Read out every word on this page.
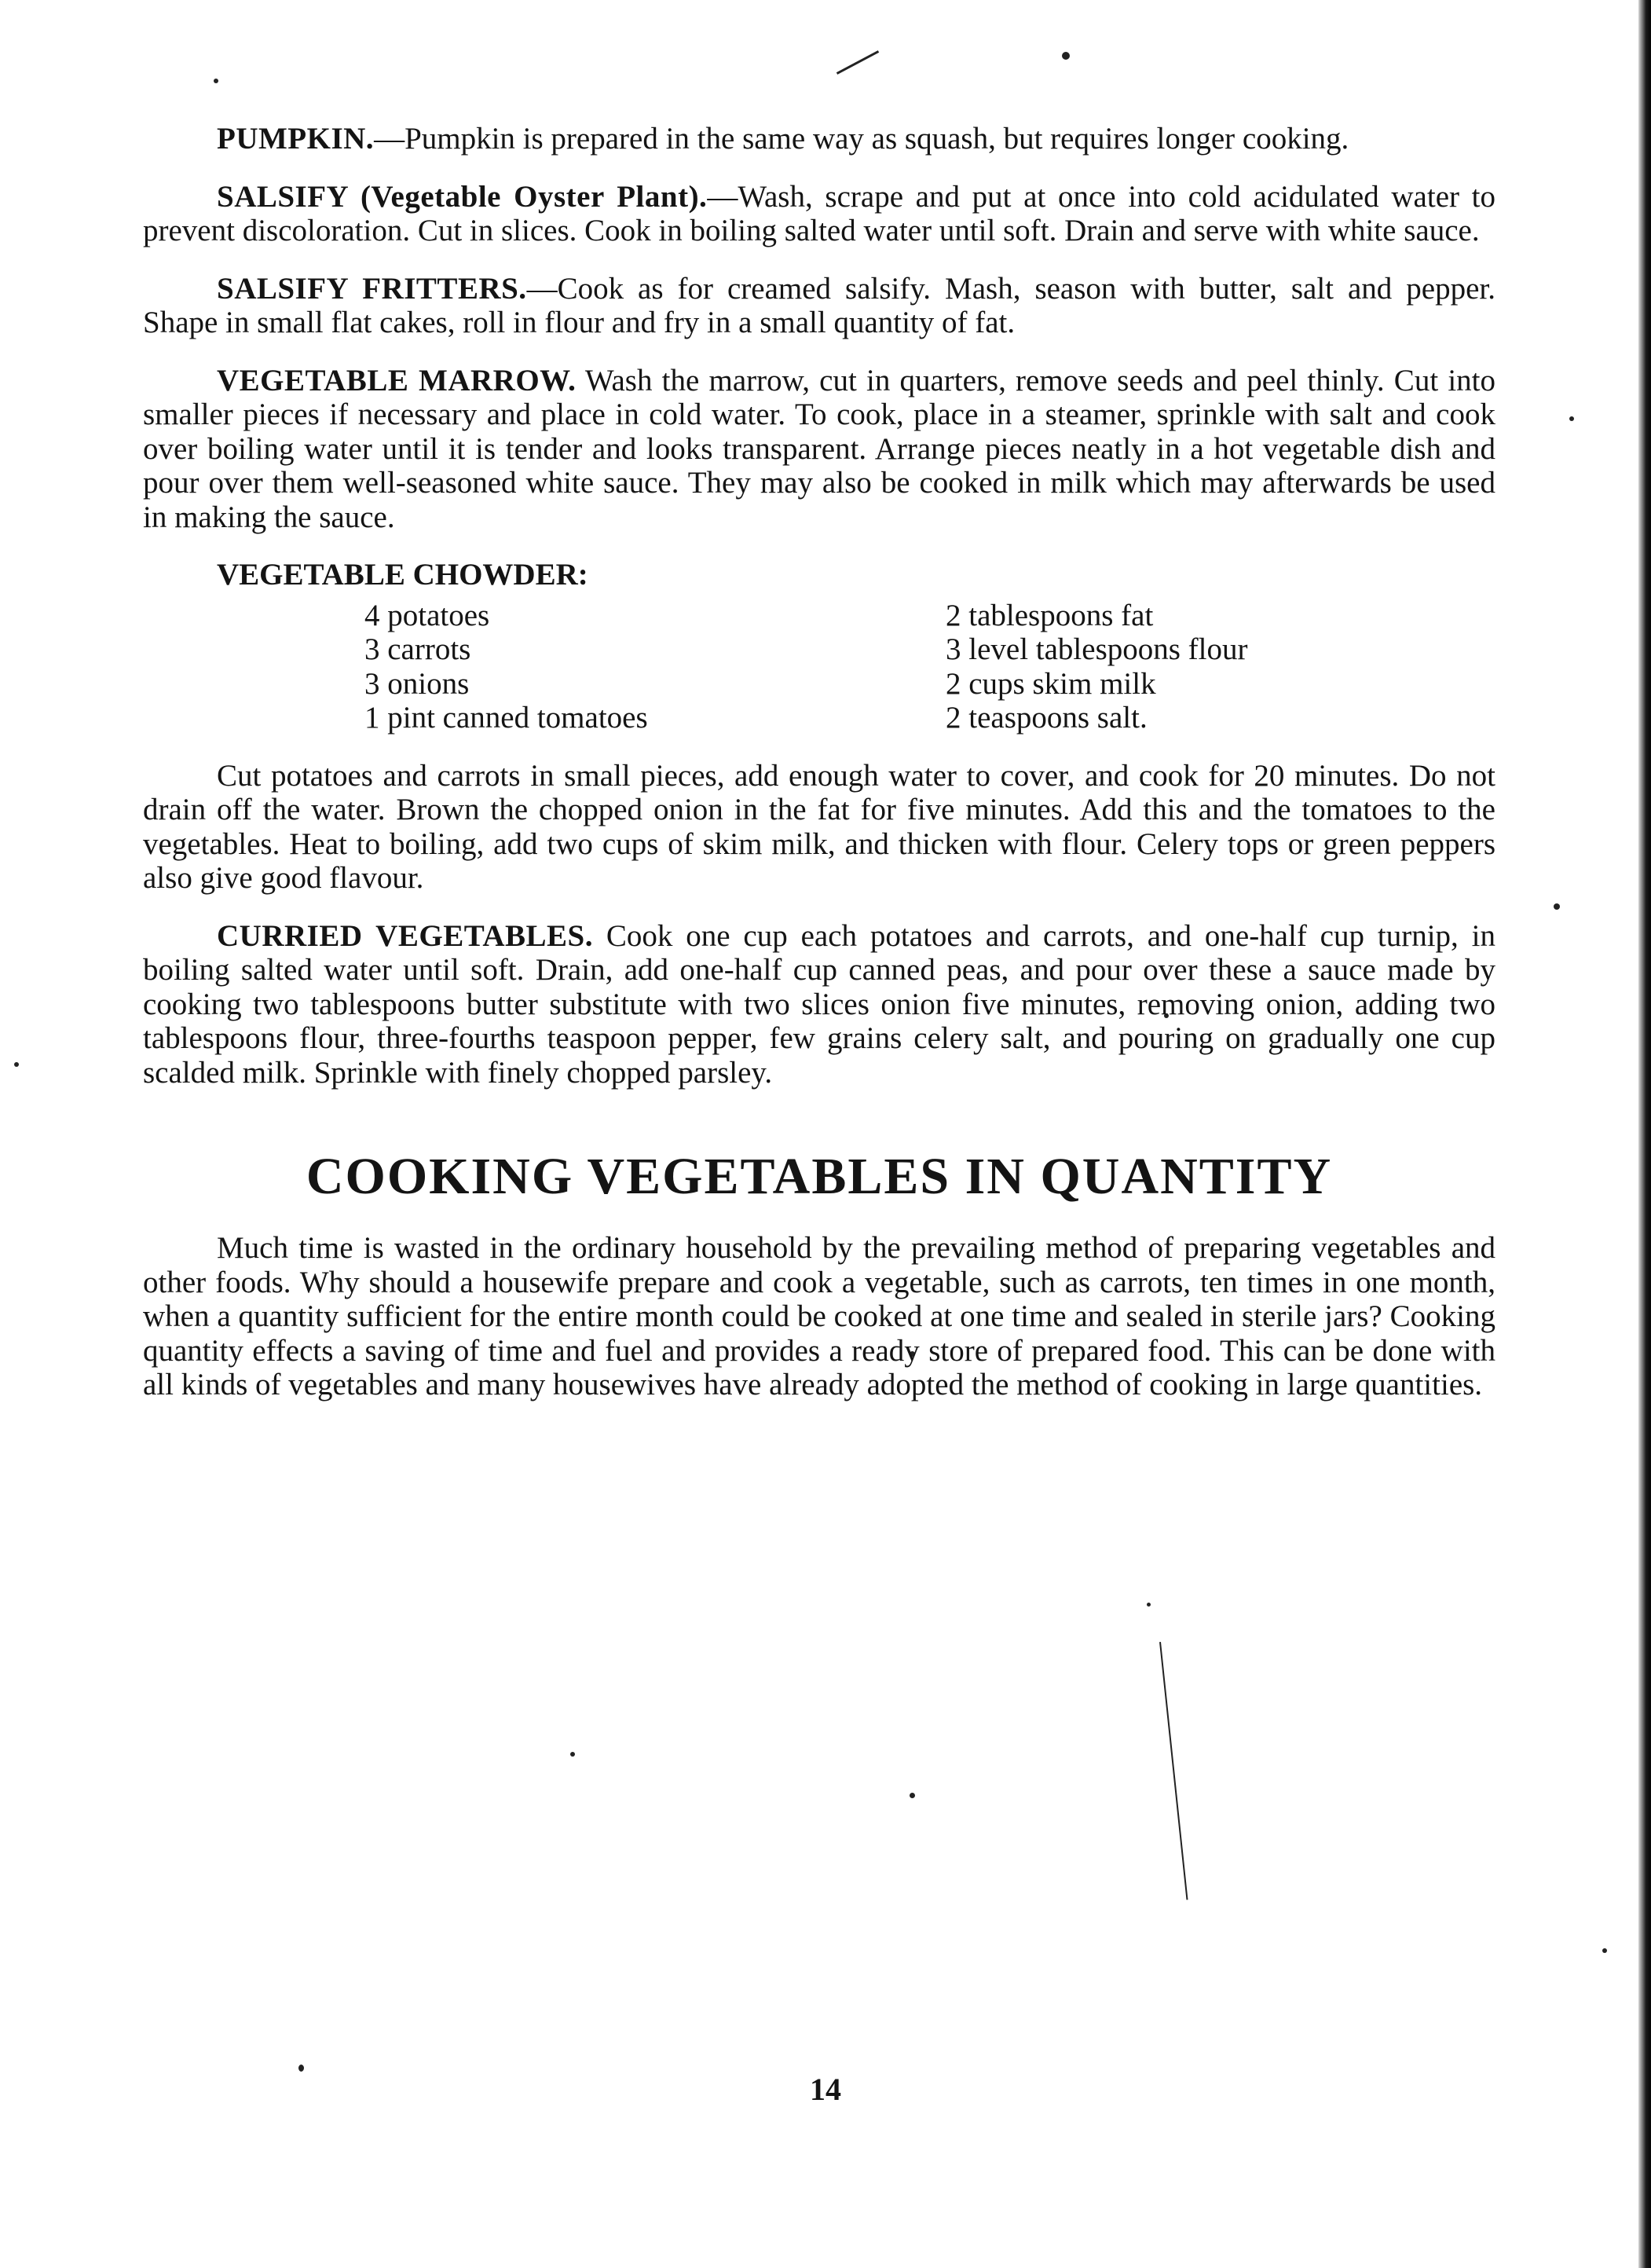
PUMPKIN.—Pumpkin is prepared in the same way as squash, but requires longer cooking.

SALSIFY (Vegetable Oyster Plant).—Wash, scrape and put at once into cold acidulated water to prevent discoloration. Cut in slices. Cook in boiling salted water until soft. Drain and serve with white sauce.

SALSIFY FRITTERS.—Cook as for creamed salsify. Mash, season with butter, salt and pepper. Shape in small flat cakes, roll in flour and fry in a small quantity of fat.

VEGETABLE MARROW. Wash the marrow, cut in quarters, remove seeds and peel thinly. Cut into smaller pieces if necessary and place in cold water. To cook, place in a steamer, sprinkle with salt and cook over boiling water until it is tender and looks transparent. Arrange pieces neatly in a hot vegetable dish and pour over them well-seasoned white sauce. They may also be cooked in milk which may afterwards be used in making the sauce.

VEGETABLE CHOWDER:
4 potatoes
3 carrots
3 onions
1 pint canned tomatoes
2 tablespoons fat
3 level tablespoons flour
2 cups skim milk
2 teaspoons salt.

Cut potatoes and carrots in small pieces, add enough water to cover, and cook for 20 minutes. Do not drain off the water. Brown the chopped onion in the fat for five minutes. Add this and the tomatoes to the vegetables. Heat to boiling, add two cups of skim milk, and thicken with flour. Celery tops or green peppers also give good flavour.

CURRIED VEGETABLES. Cook one cup each potatoes and carrots, and one-half cup turnip, in boiling salted water until soft. Drain, add one-half cup canned peas, and pour over these a sauce made by cooking two tablespoons butter substitute with two slices onion five minutes, removing onion, adding two tablespoons flour, three-fourths teaspoon pepper, few grains celery salt, and pouring on gradually one cup scalded milk. Sprinkle with finely chopped parsley.

COOKING VEGETABLES IN QUANTITY

Much time is wasted in the ordinary household by the prevailing method of preparing vegetables and other foods. Why should a housewife prepare and cook a vegetable, such as carrots, ten times in one month, when a quantity sufficient for the entire month could be cooked at one time and sealed in sterile jars? Cooking quantity effects a saving of time and fuel and provides a ready store of prepared food. This can be done with all kinds of vegetables and many housewives have already adopted the method of cooking in large quantities.

14
